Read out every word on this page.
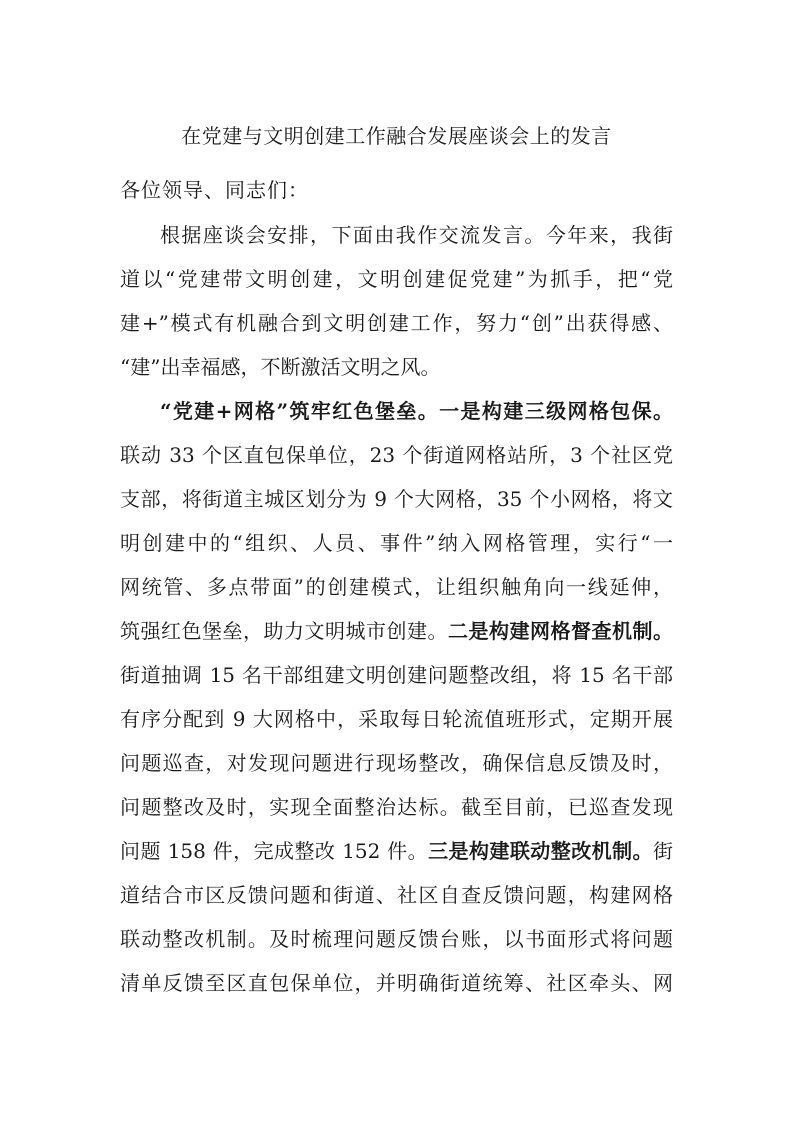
在党建与文明创建工作融合发展座谈会上的发言
各位领导、同志们：
根据座谈会安排，下面由我作交流发言。今年来，我街
道以“党建带文明创建，文明创建促党建”为抓手，把“党
建+”模式有机融合到文明创建工作，努力“创”出获得感、
“建”出幸福感，不断激活文明之风。
“党建+网格”筑牢红色堡垒。一是构建三级网格包保。
联动 33 个区直包保单位，23 个街道网格站所，3 个社区党
支部，将街道主城区划分为 9 个大网格，35 个小网格，将文
明创建中的“组织、人员、事件”纳入网格管理，实行“一
网统管、多点带面”的创建模式，让组织触角向一线延伸，
筑强红色堡垒，助力文明城市创建。二是构建网格督查机制。
街道抽调 15 名干部组建文明创建问题整改组，将 15 名干部
有序分配到 9 大网格中，采取每日轮流值班形式，定期开展
问题巡查，对发现问题进行现场整改，确保信息反馈及时，
问题整改及时，实现全面整治达标。截至目前，已巡查发现
问题 158 件，完成整改 152 件。三是构建联动整改机制。街
道结合市区反馈问题和街道、社区自查反馈问题，构建网格
联动整改机制。及时梳理问题反馈台账，以书面形式将问题
清单反馈至区直包保单位，并明确街道统筹、社区牵头、网
